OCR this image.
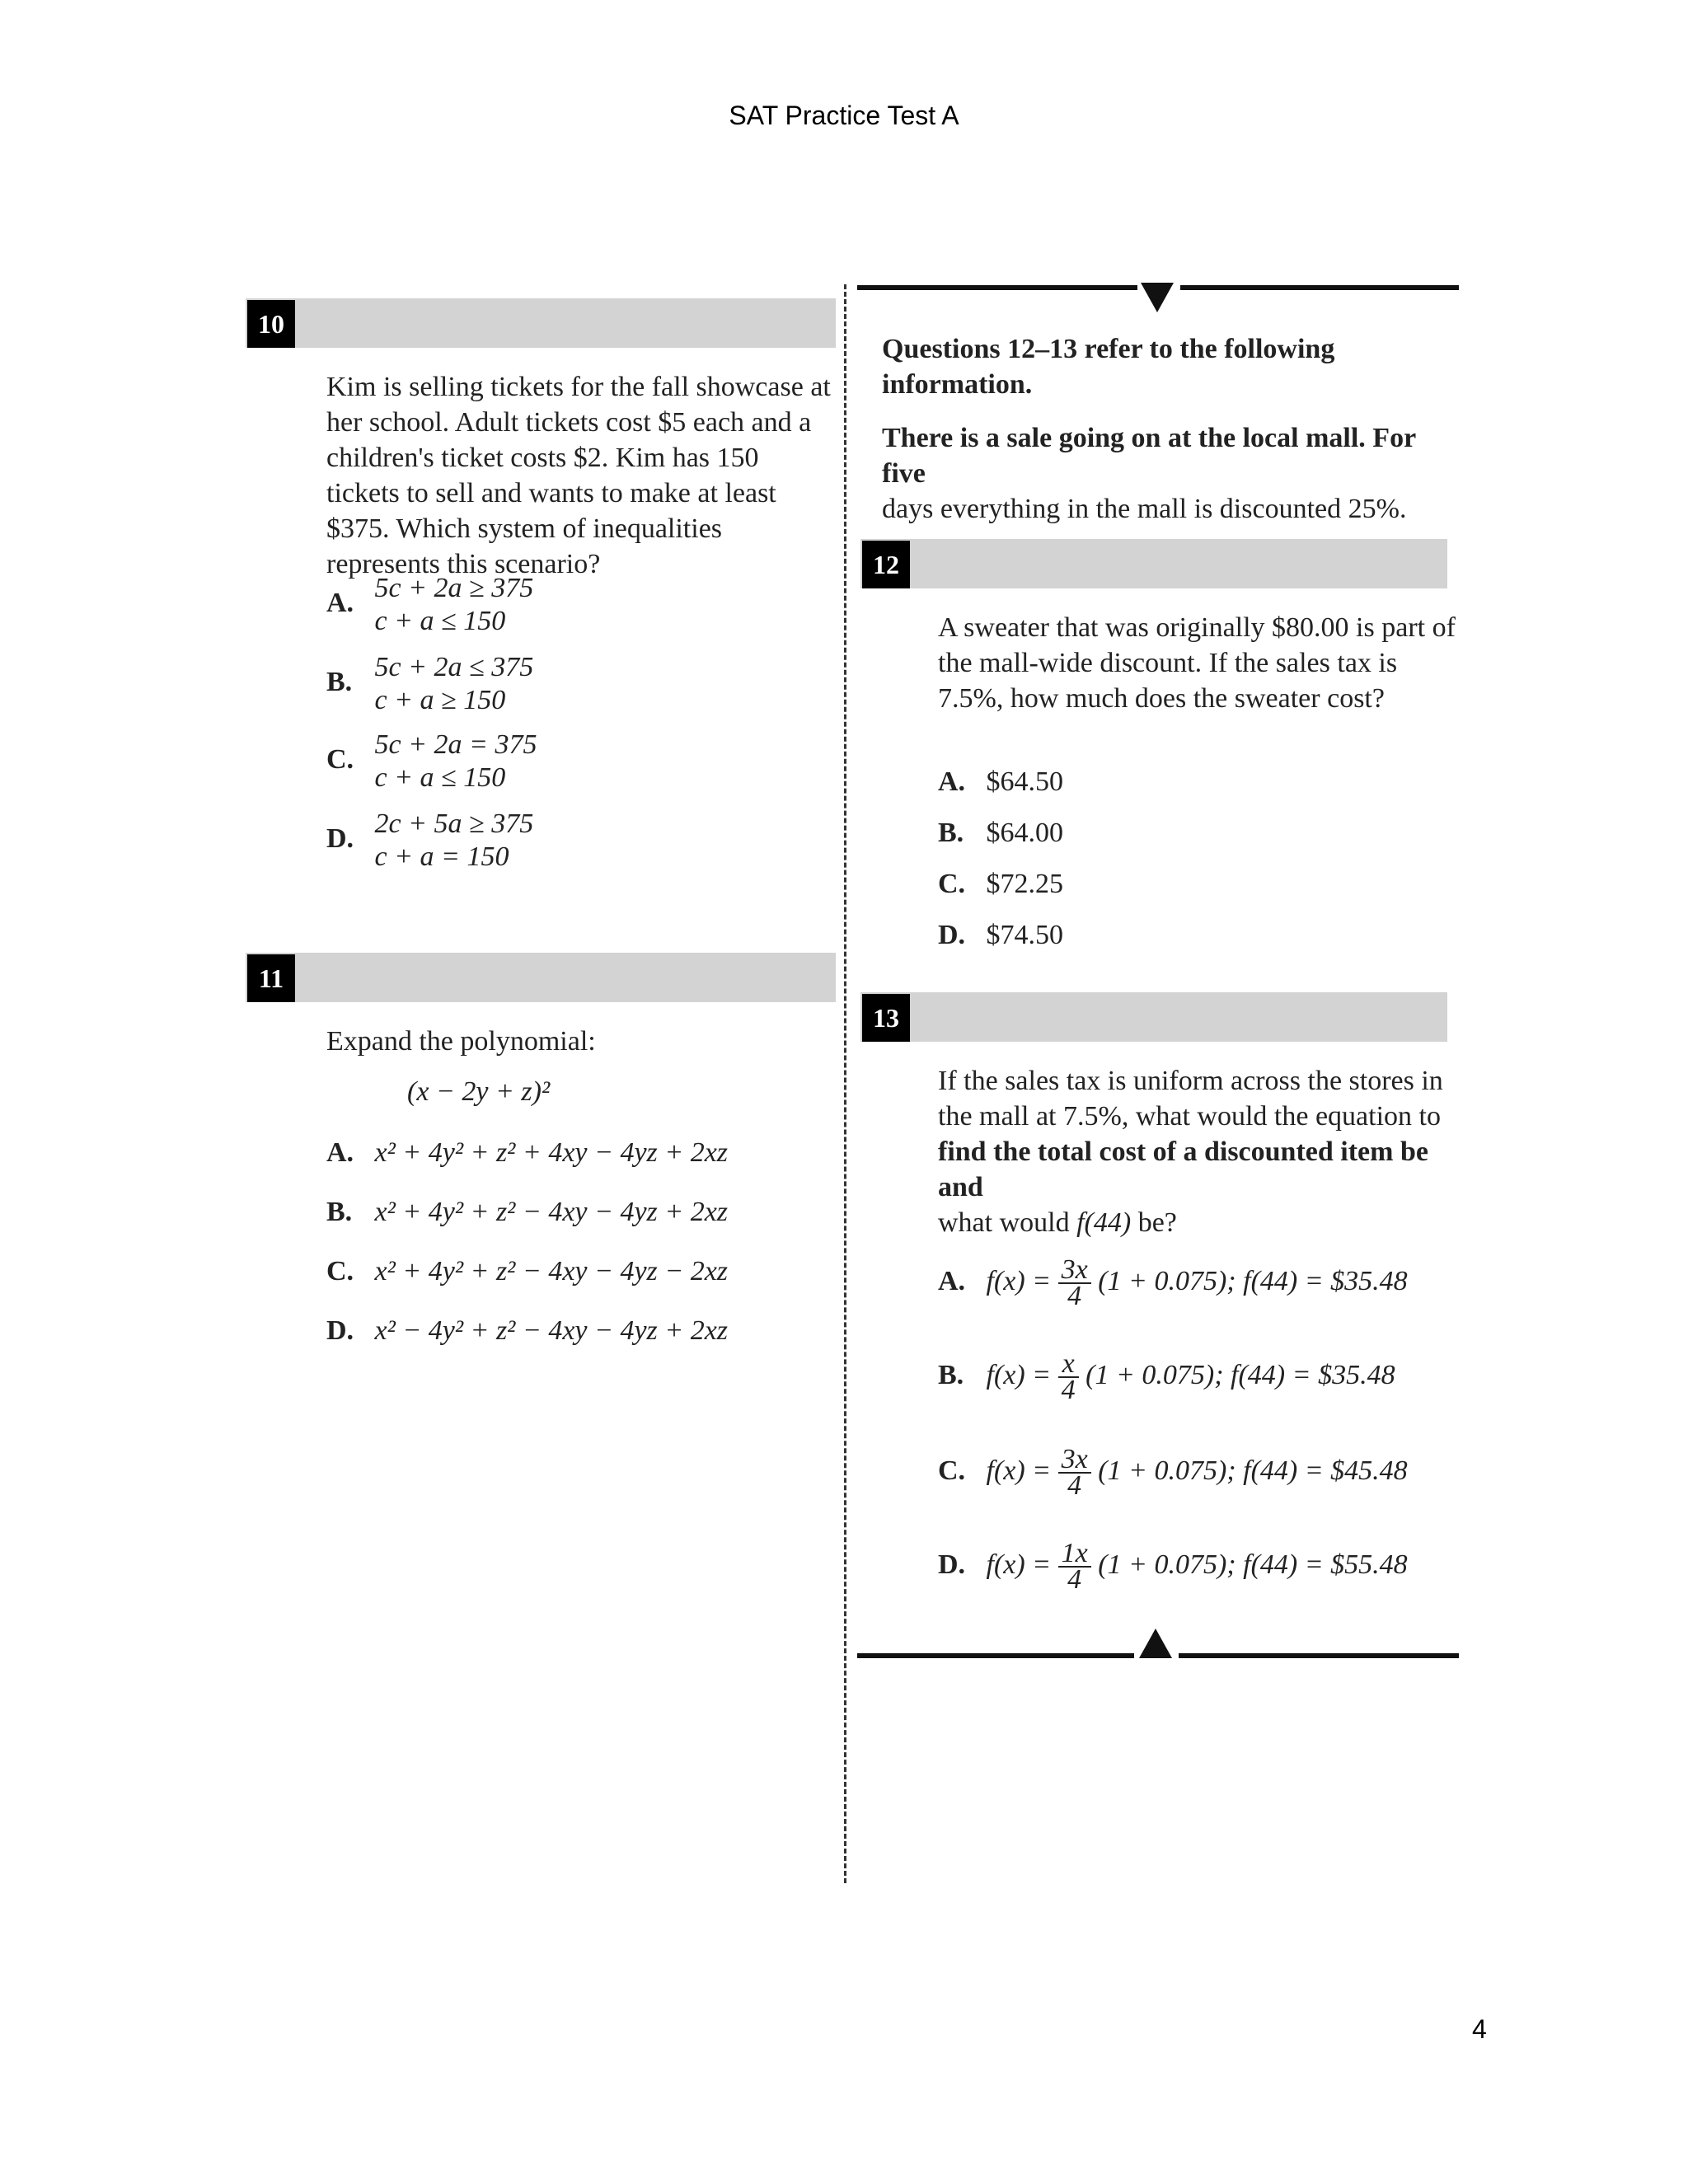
SAT Practice Test A
10
Kim is selling tickets for the fall showcase at her school. Adult tickets cost $5 each and a children's ticket costs $2. Kim has 150 tickets to sell and wants to make at least $375. Which system of inequalities represents this scenario?
A. 5c + 2a ≥ 375
c + a ≤ 150
B. 5c + 2a ≤ 375
c + a ≥ 150
C. 5c + 2a = 375
c + a ≤ 150
D. 2c + 5a ≥ 375
c + a = 150
11
Expand the polynomial:
(x − 2y + z)²
A. x² + 4y² + z² + 4xy − 4yz + 2xz
B. x² + 4y² + z² − 4xy − 4yz + 2xz
C. x² + 4y² + z² − 4xy − 4yz − 2xz
D. x² − 4y² + z² − 4xy − 4yz + 2xz
Questions 12–13 refer to the following information.
There is a sale going on at the local mall. For five
days everything in the mall is discounted 25%.
12
A sweater that was originally $80.00 is part of the mall-wide discount. If the sales tax is 7.5%, how much does the sweater cost?
A. $64.50
B. $64.00
C. $72.25
D. $74.50
13
If the sales tax is uniform across the stores in the mall at 7.5%, what would the equation to
find the total cost of a discounted item be and
what would f(44) be?
A. $f(x) = \frac{3x}{4} (1 + 0.075)$; f(44) = $35.48
B. $f(x) = \frac{x}{4} (1 + 0.075)$; f(44) = $35.48
C. $f(x) = \frac{3x}{4} (1 + 0.075)$; f(44) = $45.48
D. $f(x) = \frac{1x}{4} (1 + 0.075)$; f(44) = $55.48
4
